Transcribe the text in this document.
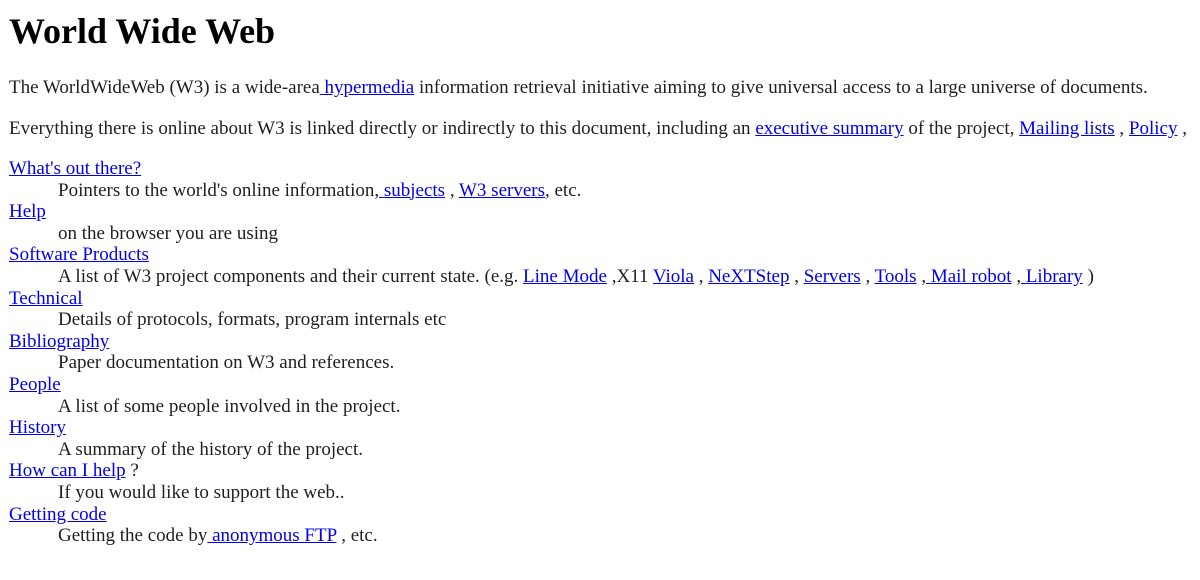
World Wide Web

The WorldWideWeb (W3) is a wide-area hypermedia information retrieval initiative aiming to give universal access to a large universe of documents.

Everything there is online about W3 is linked directly or indirectly to this document, including an executive summary of the project, Mailing lists , Policy ,

What's out there?
Pointers to the world's online information, subjects , W3 servers, etc.
Help
on the browser you are using
Software Products
A list of W3 project components and their current state. (e.g. Line Mode ,X11 Viola , NeXTStep , Servers , Tools , Mail robot , Library )
Technical
Details of protocols, formats, program internals etc
Bibliography
Paper documentation on W3 and references.
People
A list of some people involved in the project.
History
A summary of the history of the project.
How can I help ?
If you would like to support the web..
Getting code
Getting the code by anonymous FTP , etc.
